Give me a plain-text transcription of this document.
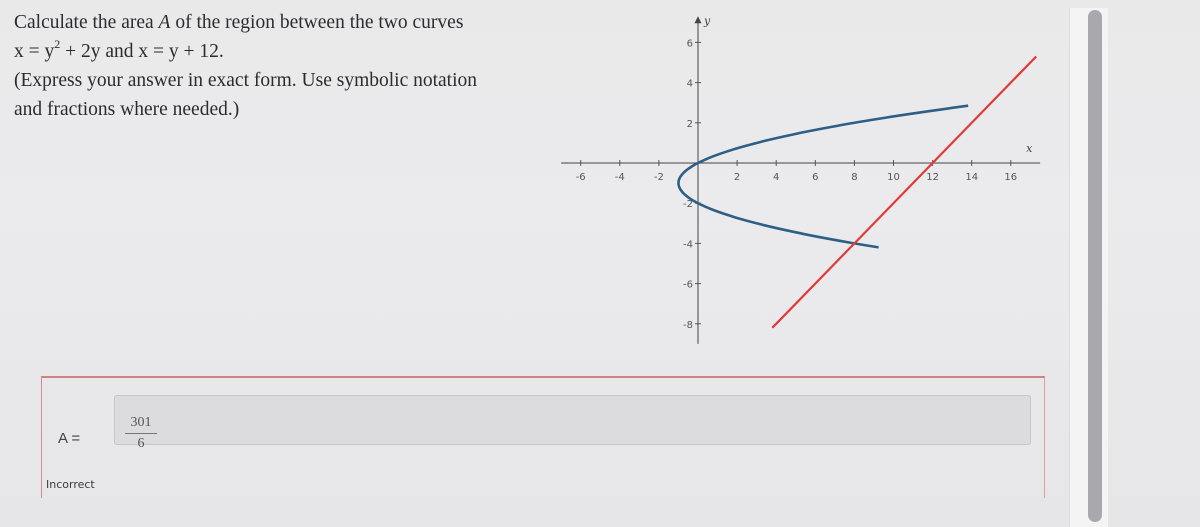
Calculate the area A of the region between the two curves
$x = y^2 + 2y$ and x = y + 12.
(Express your answer in exact form. Use symbolic notation
and fractions where needed.)
-6	-4	-2	2	4	6	8	10	12	14	16
6
4
2
-2
-4
-6
-8
x
y
A =
301
6
Incorrect
